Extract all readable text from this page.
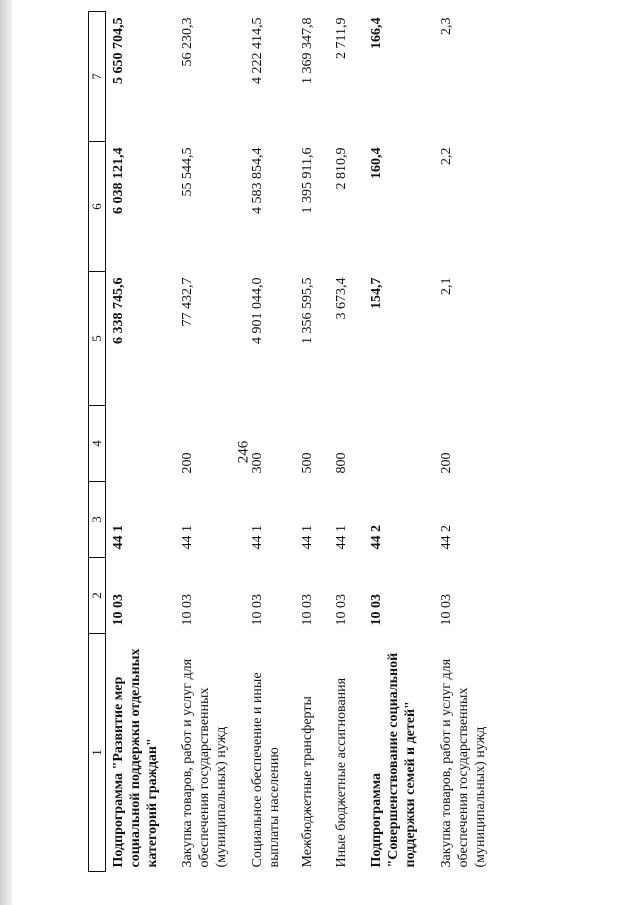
246
1	2	3	4	5	6	7
Подпрограмма "Развитие мер социальной поддержки отдельных категорий граждан"	10 03	44 1		6 338 745,6	6 038 121,4	5 650 704,5
Закупка товаров, работ и услуг для обеспечения государственных (муниципальных) нужд	10 03	44 1	200	77 432,7	55 544,5	56 230,3
Социальное обеспечение и иные выплаты населению	10 03	44 1	300	4 901 044,0	4 583 854,4	4 222 414,5
Межбюджетные трансферты	10 03	44 1	500	1 356 595,5	1 395 911,6	1 369 347,8
Иные бюджетные ассигнования	10 03	44 1	800	3 673,4	2 810,9	2 711,9
Подпрограмма "Совершенствование социальной поддержки семей и детей"	10 03	44 2		154,7	160,4	166,4
Закупка товаров, работ и услуг для обеспечения государственных (муниципальных) нужд	10 03	44 2	200	2,1	2,2	2,3
